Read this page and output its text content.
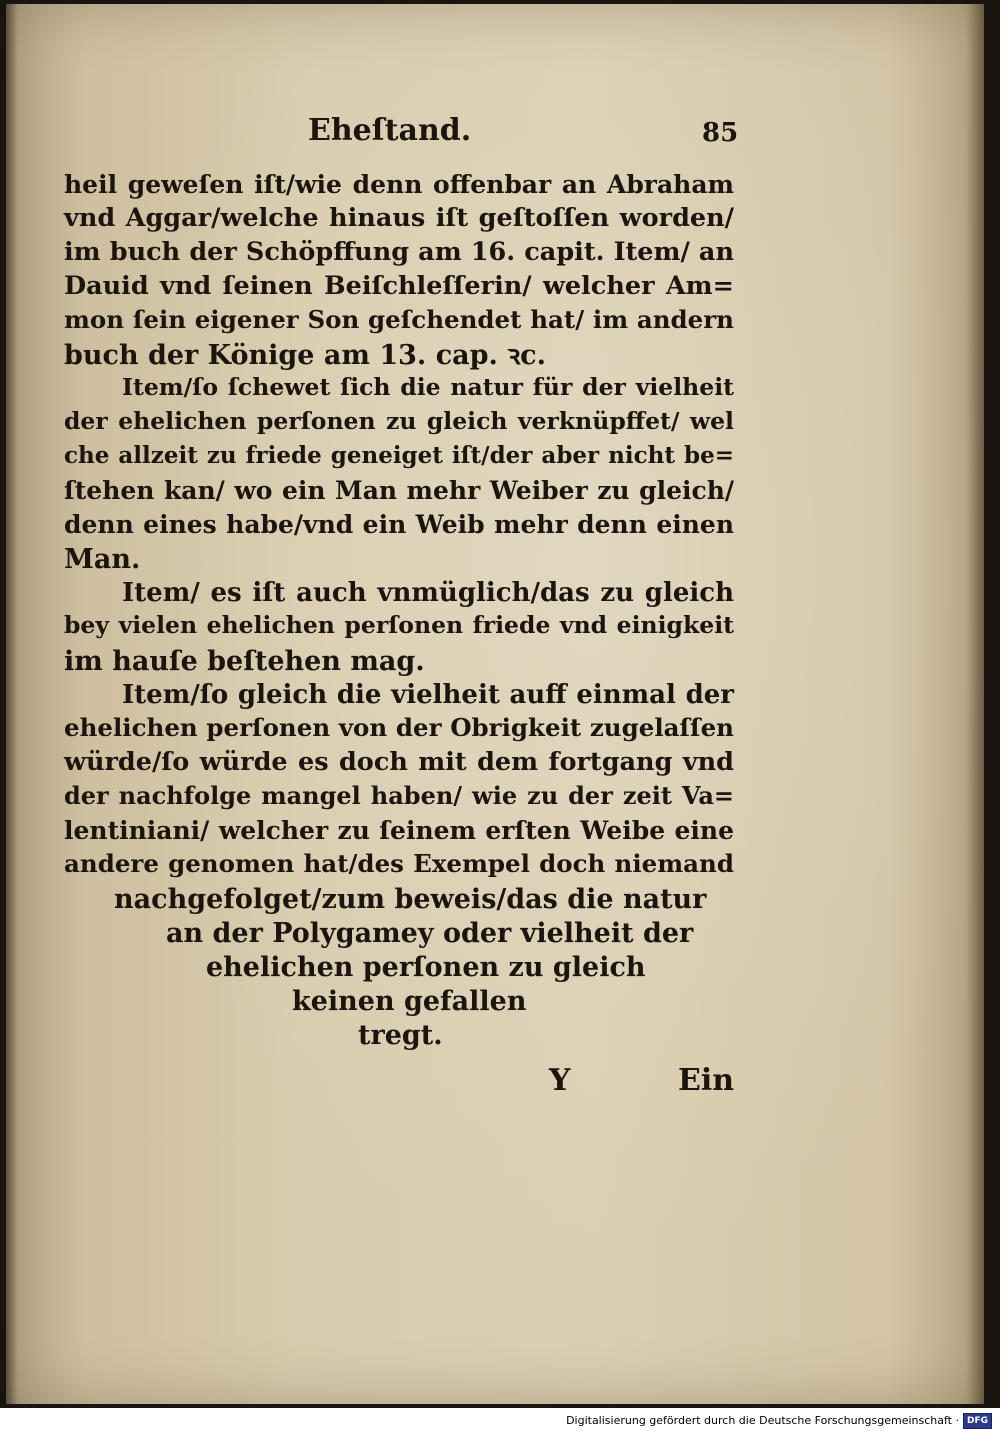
Eheſtand.	85
heil geweſen iſt/wie denn offenbar an Abraham
vnd Aggar/welche hinaus iſt geſtoſſen worden/
im buch der Schöpffung am 16. capit. Item/ an
Dauid vnd ſeinen Beiſchleſſerin/ welcher Am=
mon ſein eigener Son geſchendet hat/ im andern
buch der Könige am 13. cap. ꝛc.
Item/ſo ſchewet ſich die natur für der vielheit
der ehelichen perſonen zu gleich verknüpffet/ wel
che allzeit zu friede geneiget iſt/der aber nicht be=
ſtehen kan/ wo ein Man mehr Weiber zu gleich/
denn eines habe/vnd ein Weib mehr denn einen
Man.
Item/ es iſt auch vnmüglich/das zu gleich
bey vielen ehelichen perſonen friede vnd einigkeit
im hauſe beſtehen mag.
Item/ſo gleich die vielheit auff einmal der
ehelichen perſonen von der Obrigkeit zugelaſſen
würde/ſo würde es doch mit dem fortgang vnd
der nachfolge mangel haben/ wie zu der zeit Va=
lentiniani/ welcher zu ſeinem erſten Weibe eine
andere genomen hat/des Exempel doch niemand
nachgefolget/zum beweis/das die natur
an der Polygamey oder vielheit der
ehelichen perſonen zu gleich
keinen gefallen
tregt.
Y	Ein
Digitalisierung gefördert durch die Deutsche Forschungsgemeinschaft · DFG
